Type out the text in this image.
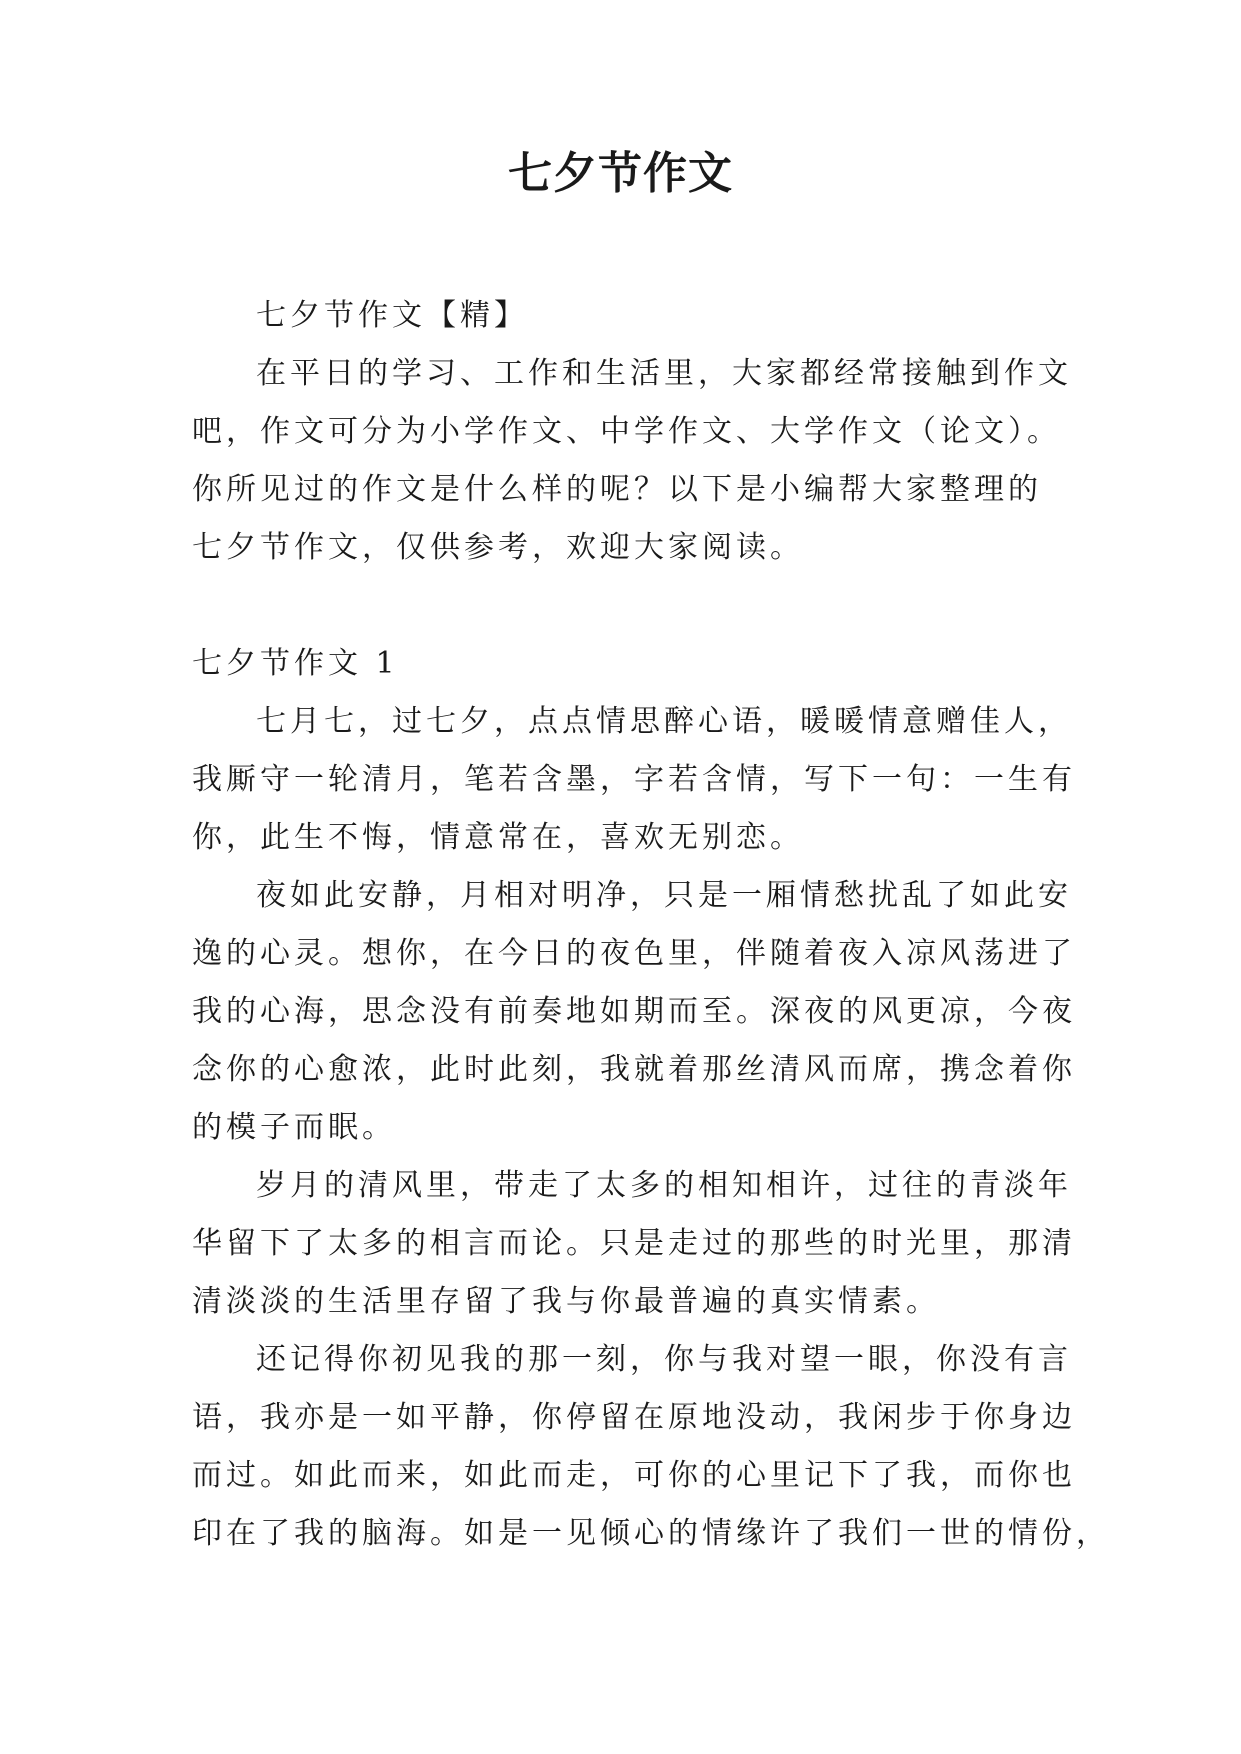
七夕节作文
七夕节作文【精】
在平日的学习、工作和生活里，大家都经常接触到作文
吧，作文可分为小学作文、中学作文、大学作文（论文）。
你所见过的作文是什么样的呢？以下是小编帮大家整理的
七夕节作文，仅供参考，欢迎大家阅读。
七夕节作文 1
七月七，过七夕，点点情思醉心语，暖暖情意赠佳人，
我厮守一轮清月，笔若含墨，字若含情，写下一句：一生有
你，此生不悔，情意常在，喜欢无别恋。
夜如此安静，月相对明净，只是一厢情愁扰乱了如此安
逸的心灵。想你，在今日的夜色里，伴随着夜入凉风荡进了
我的心海，思念没有前奏地如期而至。深夜的风更凉，今夜
念你的心愈浓，此时此刻，我就着那丝清风而席，携念着你
的模子而眠。
岁月的清风里，带走了太多的相知相许，过往的青淡年
华留下了太多的相言而论。只是走过的那些的时光里，那清
清淡淡的生活里存留了我与你最普遍的真实情素。
还记得你初见我的那一刻，你与我对望一眼，你没有言
语，我亦是一如平静，你停留在原地没动，我闲步于你身边
而过。如此而来，如此而走，可你的心里记下了我，而你也
印在了我的脑海。如是一见倾心的情缘许了我们一世的情份，
